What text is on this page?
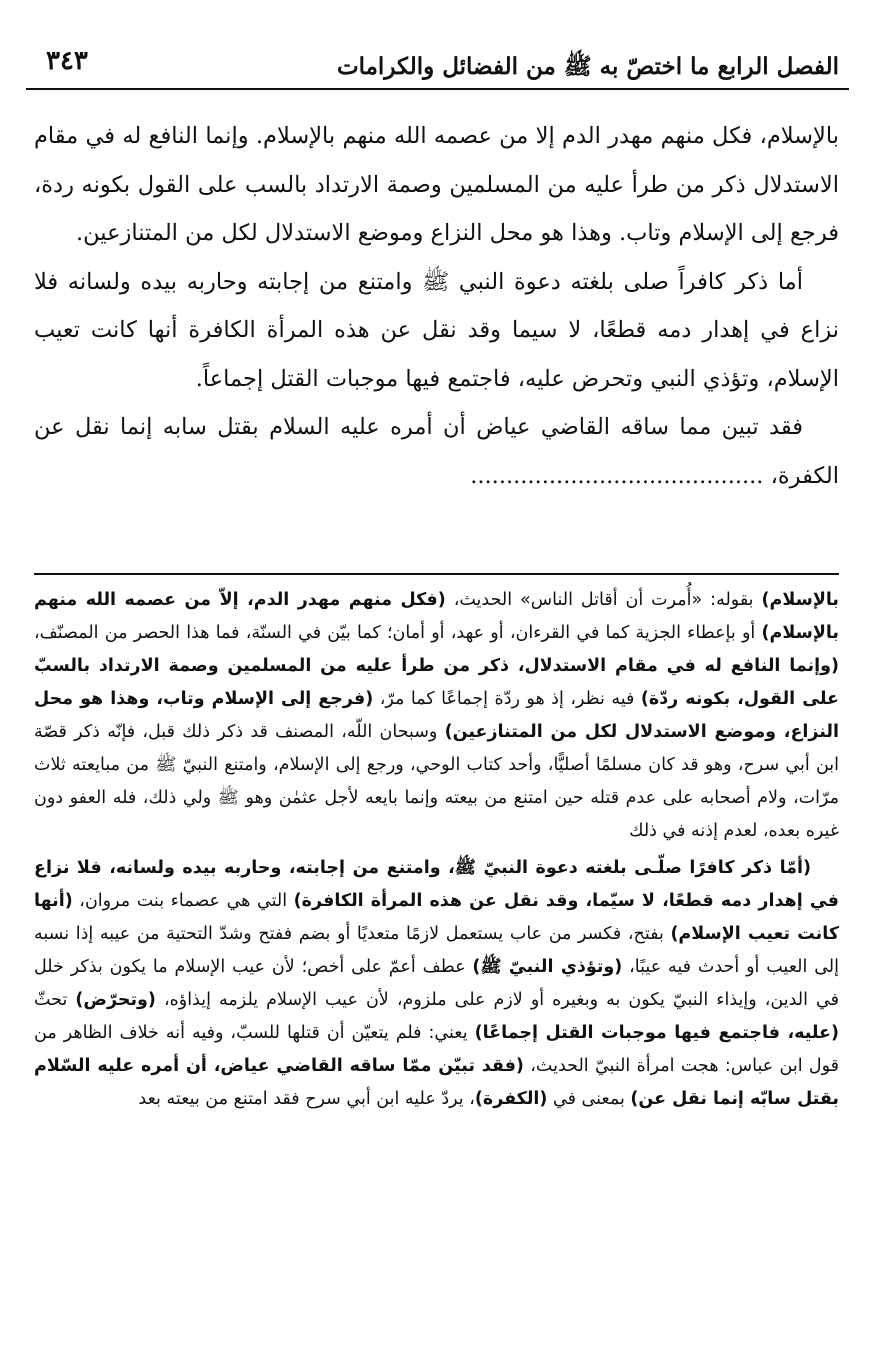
الفصل الرابع ما اختصّ به ﷺ من الفضائل والكرامات
٣٤٣

بالإسلام، فكل منهم مهدر الدم إلا من عصمه الله منهم بالإسلام. وإنما النافع له في مقام الاستدلال ذكر من طرأ عليه من المسلمين وصمة الارتداد بالسب على القول بكونه ردة، فرجع إلى الإسلام وتاب. وهذا هو محل النزاع وموضع الاستدلال لكل من المتنازعين.

أما ذكر كافراً صلى بلغته دعوة النبي ﷺ وامتنع من إجابته وحاربه بيده ولسانه فلا نزاع في إهدار دمه قطعًا، لا سيما وقد نقل عن هذه المرأة الكافرة أنها كانت تعيب الإسلام، وتؤذي النبي وتحرض عليه، فاجتمع فيها موجبات القتل إجماعاً.

فقد تبين مما ساقه القاضي عياض أن أمره عليه السلام بقتل سابه إنما نقل عن الكفرة، .........................................

بالإسلام) بقوله: «أُمرت أن أقاتل الناس» الحديث، (فكل منهم مهدر الدم، إلاّ من عصمه الله منهم بالإسلام) أو بإعطاء الجزية كما في القرءان، أو عهد، أو أمان؛ كما بيّن في السنّة، فما هذا الحصر من المصنّف، (وإنما النافع له في مقام الاستدلال، ذكر من طرأ عليه من المسلمين وصمة الارتداد بالسبّ على القول، بكونه ردّة) فيه نظر، إذ هو ردّة إجماعًا كما مرّ، (فرجع إلى الإسلام وتاب، وهذا هو محل النزاع، وموضع الاستدلال لكل من المتنازعين) وسبحان اللّه، المصنف قد ذكر ذلك قبل، فإنّه ذكر قصّة ابن أبي سرح، وهو قد كان مسلمًا أصليًّا، وأحد كتاب الوحي، ورجع إلى الإسلام، وامتنع النبيّ ﷺ من مبايعته ثلاث مرّات، ولام أصحابه على عدم قتله حين امتنع من بيعته وإنما بايعه لأجل عثمٰن وهو ﷺ ولي ذلك، فله العفو دون غيره بعده، لعدم إذنه في ذلك

(أمّا ذكر كافرًا صلّـى بلغته دعوة النبيّ ﷺ، وامتنع من إجابته، وحاربه بيده ولسانه، فلا نزاع في إهدار دمه قطعًا، لا سيّما، وقد نقل عن هذه المرأة الكافرة) التي هي عصماء بنت مروان، (أنها كانت تعيب الإسلام) بفتح، فكسر من عاب يستعمل لازمًا متعديًا أو بضم ففتح وشدّ التحتية من عيبه إذا نسبه إلى العيب أو أحدث فيه عيبًا، (وتؤذي النبيّ ﷺ) عطف أعمّ على أخص؛ لأن عيب الإسلام ما يكون بذكر خلل في الدين، وإيذاء النبيّ يكون به وبغيره أو لازم على ملزوم، لأن عيب الإسلام يلزمه إيذاؤه، (وتحرّض) تحثّ (عليه، فاجتمع فيها موجبات القتل إجماعًا) يعني: فلم يتعيّن أن قتلها للسبّ، وفيه أنه خلاف الظاهر من قول ابن عباس: هجت امرأة النبيّ الحديث، (فقد تبيّن ممّا ساقه القاضي عياض، أن أمره عليه السّلام بقتل سابّه إنما نقل عن) بمعنى في (الكفرة)، يردّ عليه ابن أبي سرح فقد امتنع من بيعته بعد
